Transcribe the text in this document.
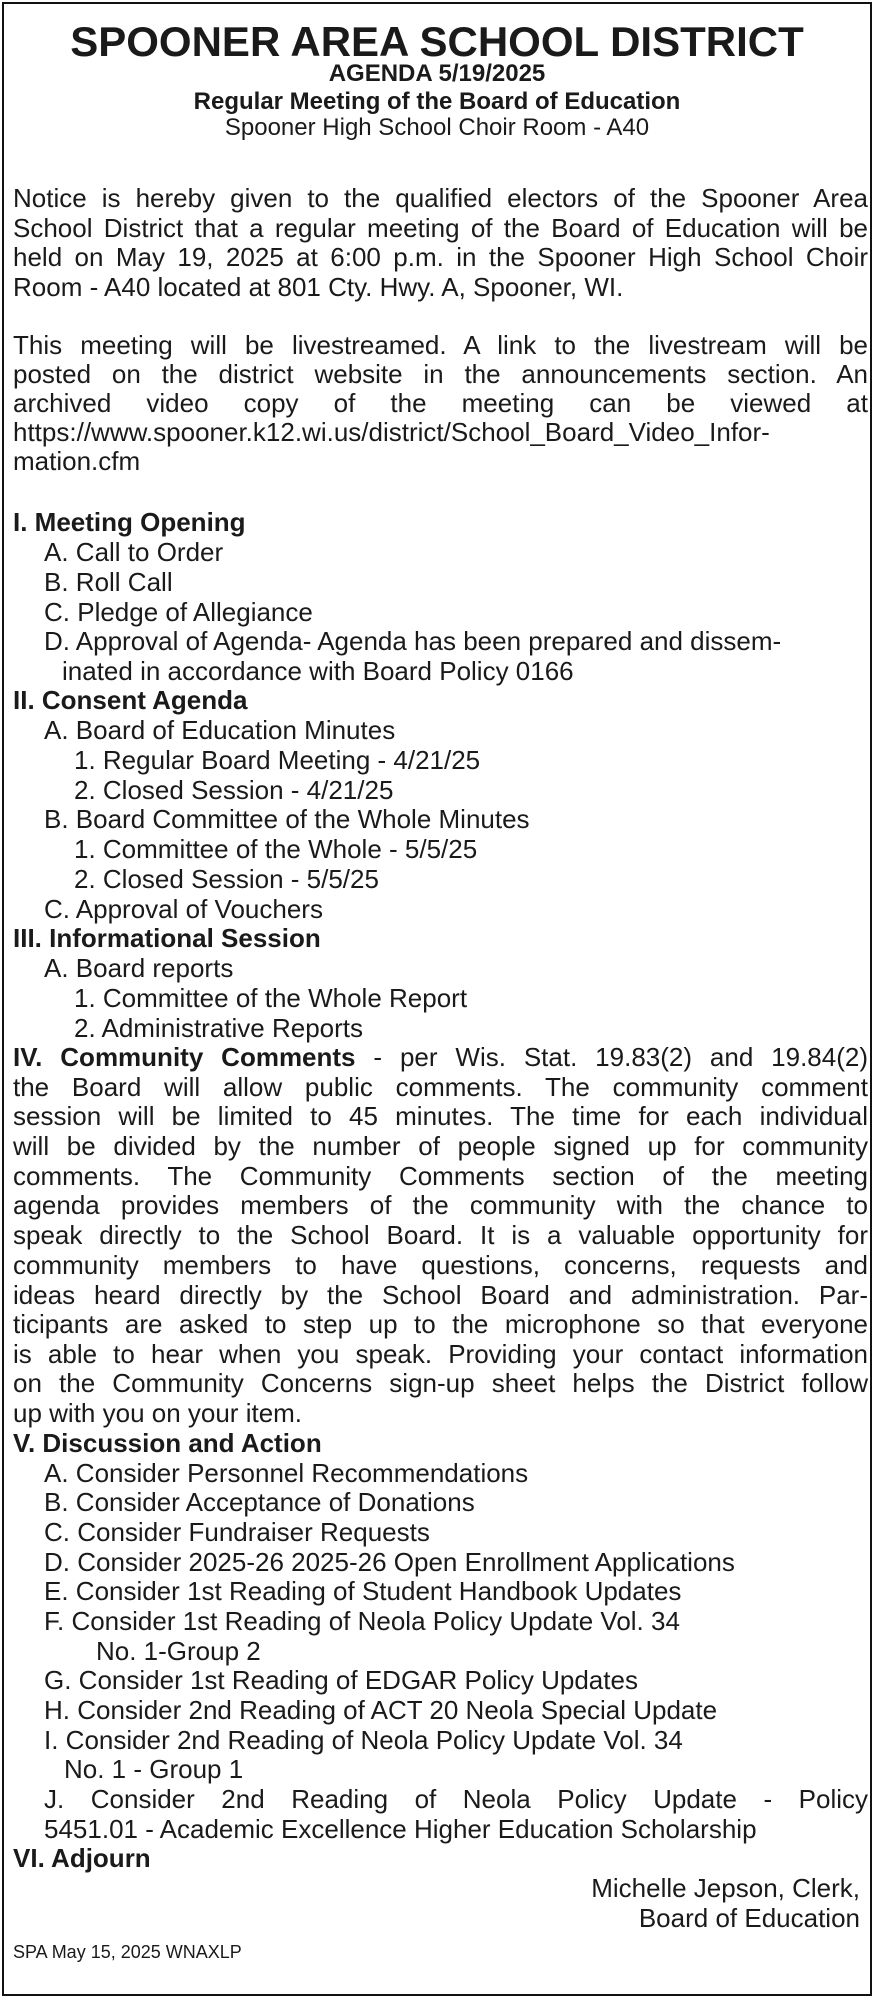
SPOONER AREA SCHOOL DISTRICT
AGENDA 5/19/2025
Regular Meeting of the Board of Education
Spooner High School Choir Room - A40

Notice is hereby given to the qualified electors of the Spooner Area School District that a regular meeting of the Board of Education will be held on May 19, 2025 at 6:00 p.m. in the Spooner High School Choir Room - A40 located at 801 Cty. Hwy. A, Spooner, WI.

This meeting will be livestreamed. A link to the livestream will be
posted on the district website in the announcements section. An
archived video copy of the meeting can be viewed at
https://www.spooner.k12.wi.us/district/School_Board_Video_Infor-
mation.cfm
I. Meeting Opening
A. Call to Order
B. Roll Call
C. Pledge of Allegiance
D. Approval of Agenda- Agenda has been prepared and dissem-
inated in accordance with Board Policy 0166
II. Consent Agenda
A. Board of Education Minutes
1. Regular Board Meeting - 4/21/25
2. Closed Session - 4/21/25
B. Board Committee of the Whole Minutes
1. Committee of the Whole - 5/5/25
2. Closed Session - 5/5/25
C. Approval of Vouchers
III. Informational Session
A. Board reports
1. Committee of the Whole Report
2. Administrative Reports
IV. Community Comments - per Wis. Stat. 19.83(2) and 19.84(2)
the Board will allow public comments. The community comment
session will be limited to 45 minutes. The time for each individual
will be divided by the number of people signed up for community
comments. The Community Comments section of the meeting
agenda provides members of the community with the chance to
speak directly to the School Board. It is a valuable opportunity for
community members to have questions, concerns, requests and
ideas heard directly by the School Board and administration. Par-
ticipants are asked to step up to the microphone so that everyone
is able to hear when you speak. Providing your contact information
on the Community Concerns sign-up sheet helps the District follow
up with you on your item.
V. Discussion and Action
A. Consider Personnel Recommendations
B. Consider Acceptance of Donations
C. Consider Fundraiser Requests
D. Consider 2025-26 2025-26 Open Enrollment Applications
E. Consider 1st Reading of Student Handbook Updates
F. Consider 1st Reading of Neola Policy Update Vol. 34
No. 1-Group 2
G. Consider 1st Reading of EDGAR Policy Updates
H. Consider 2nd Reading of ACT 20 Neola Special Update
I. Consider 2nd Reading of Neola Policy Update Vol. 34
No. 1 - Group 1
J. Consider 2nd Reading of Neola Policy Update - Policy
5451.01 - Academic Excellence Higher Education Scholarship
VI. Adjourn
Michelle Jepson, Clerk,
Board of Education
SPA May 15, 2025 WNAXLP
